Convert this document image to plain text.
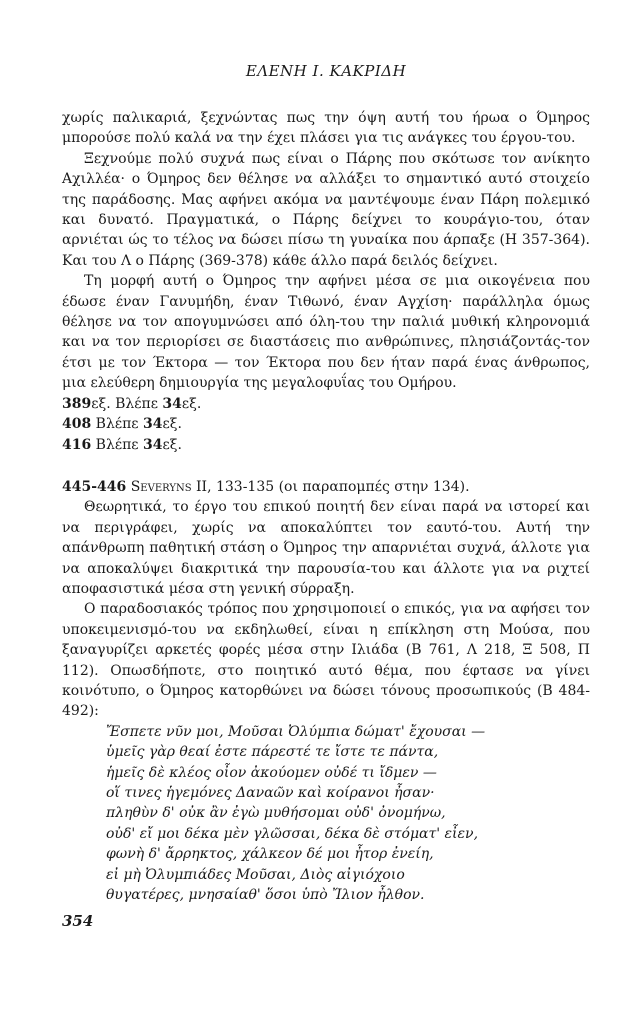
ΕΛΕΝΗ Ι. ΚΑΚΡΙΔΗ

χωρίς παλικαριά, ξεχνώντας πως την όψη αυτή του ήρωα ο Όμηρος μπορούσε πολύ καλά να την έχει πλάσει για τις ανάγκες του έργου-του.

Ξεχνούμε πολύ συχνά πως είναι ο Πάρης που σκότωσε τον ανίκητο Αχιλλέα· ο Όμηρος δεν θέλησε να αλλάξει το σημαντικό αυτό στοιχείο της παράδοσης. Μας αφήνει ακόμα να μαντέψουμε έναν Πάρη πολεμικό και δυνατό. Πραγματικά, ο Πάρης δείχνει το κουράγιο-του, όταν αρνιέται ώς το τέλος να δώσει πίσω τη γυναίκα που άρπαξε (Η 357-364). Και του Λ ο Πάρης (369-378) κάθε άλλο παρά δειλός δείχνει.

Τη μορφή αυτή ο Όμηρος την αφήνει μέσα σε μια οικογένεια που έδωσε έναν Γανυμήδη, έναν Τιθωνό, έναν Αγχίση· παράλληλα όμως θέλησε να τον απογυμνώσει από όλη-του την παλιά μυθική κληρονομιά και να τον περιορίσει σε διαστάσεις πιο ανθρώπινες, πλησιάζοντάς-τον έτσι με τον Έκτορα — τον Έκτορα που δεν ήταν παρά ένας άνθρωπος, μια ελεύθερη δημιουργία της μεγαλοφυΐας του Ομήρου.

389εξ. Βλέπε 34εξ.

408 Βλέπε 34εξ.

416 Βλέπε 34εξ.

445-446 Severyns ΙΙ, 133-135 (οι παραπομπές στην 134).

Θεωρητικά, το έργο του επικού ποιητή δεν είναι παρά να ιστορεί και να περιγράφει, χωρίς να αποκαλύπτει τον εαυτό-του. Αυτή την απάνθρωπη παθητική στάση ο Όμηρος την απαρνιέται συχνά, άλλοτε για να αποκαλύψει διακριτικά την παρουσία-του και άλλοτε για να ριχτεί αποφασιστικά μέσα στη γενική σύρραξη.

Ο παραδοσιακός τρόπος που χρησιμοποιεί ο επικός, για να αφήσει τον υποκειμενισμό-του να εκδηλωθεί, είναι η επίκληση στη Μούσα, που ξαναγυρίζει αρκετές φορές μέσα στην Ιλιάδα (Β 761, Λ 218, Ξ 508, Π 112). Οπωσδήποτε, στο ποιητικό αυτό θέμα, που έφτασε να γίνει κοινότυπο, ο Όμηρος κατορθώνει να δώσει τόνους προσωπικούς (Β 484-492):

Ἔσπετε νῦν μοι, Μοῦσαι Ὀλύμπια δώματ' ἔχουσαι —
ὑμεῖς γὰρ θεαί ἐστε πάρεστέ τε ἴστε τε πάντα,
ἡμεῖς δὲ κλέος οἶον ἀκούομεν οὐδέ τι ἴδμεν —
οἵ τινες ἡγεμόνες Δαναῶν καὶ κοίρανοι ἦσαν·
πληθὺν δ' οὐκ ἂν ἐγὼ μυθήσομαι οὐδ' ὀνομήνω,
οὐδ' εἴ μοι δέκα μὲν γλῶσσαι, δέκα δὲ στόματ' εἶεν,
φωνὴ δ' ἄρρηκτος, χάλκεον δέ μοι ἦτορ ἐνείη,
εἰ μὴ Ὀλυμπιάδες Μοῦσαι, Διὸς αἰγιόχοιο
θυγατέρες, μνησαίαθ' ὅσοι ὑπὸ Ἴλιον ἦλθον.
354
